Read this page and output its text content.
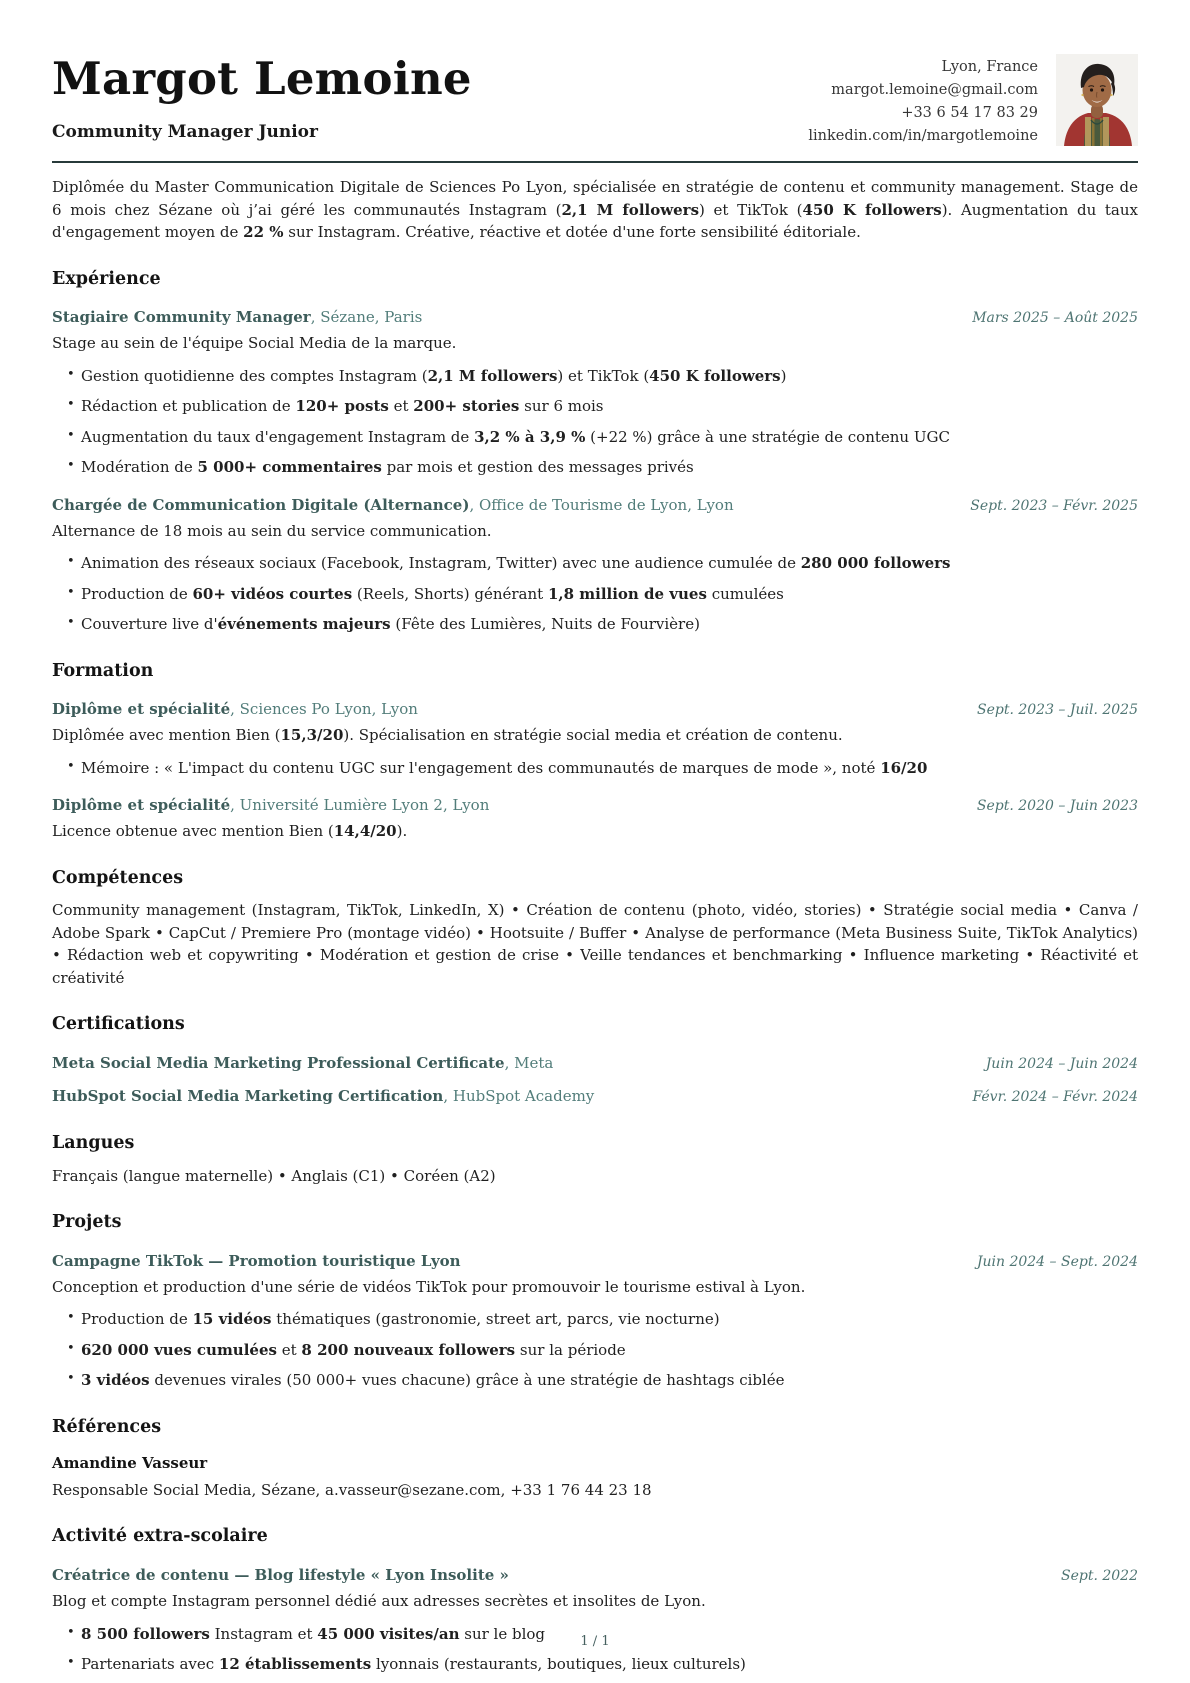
Margot Lemoine
Community Manager Junior
Lyon, France
margot.lemoine@gmail.com
+33 6 54 17 83 29
linkedin.com/in/margotlemoine

Diplômée du Master Communication Digitale de Sciences Po Lyon, spécialisée en stratégie de contenu et community management. Stage de 6 mois chez Sézane où j’ai géré les communautés Instagram (2,1 M followers) et TikTok (450 K followers). Augmentation du taux d'engagement moyen de 22 % sur Instagram. Créative, réactive et dotée d'une forte sensibilité éditoriale.

Expérience
Stagiaire Community Manager, Sézane, Paris	Mars 2025 – Août 2025

Stage au sein de l'équipe Social Media de la marque.

• Gestion quotidienne des comptes Instagram (2,1 M followers) et TikTok (450 K followers)
• Rédaction et publication de 120+ posts et 200+ stories sur 6 mois
• Augmentation du taux d'engagement Instagram de 3,2 % à 3,9 % (+22 %) grâce à une stratégie de contenu UGC
• Modération de 5 000+ commentaires par mois et gestion des messages privés
Chargée de Communication Digitale (Alternance), Office de Tourisme de Lyon, Lyon	Sept. 2023 – Févr. 2025

Alternance de 18 mois au sein du service communication.

• Animation des réseaux sociaux (Facebook, Instagram, Twitter) avec une audience cumulée de 280 000 followers
• Production de 60+ vidéos courtes (Reels, Shorts) générant 1,8 million de vues cumulées
• Couverture live d'événements majeurs (Fête des Lumières, Nuits de Fourvière)
Formation
Diplôme et spécialité, Sciences Po Lyon, Lyon	Sept. 2023 – Juil. 2025

Diplômée avec mention Bien (15,3/20). Spécialisation en stratégie social media et création de contenu.

• Mémoire : « L'impact du contenu UGC sur l'engagement des communautés de marques de mode », noté 16/20
Diplôme et spécialité, Université Lumière Lyon 2, Lyon	Sept. 2020 – Juin 2023

Licence obtenue avec mention Bien (14,4/20).

Compétences

Community management (Instagram, TikTok, LinkedIn, X) • Création de contenu (photo, vidéo, stories) • Stratégie social media • Canva / Adobe Spark • CapCut / Premiere Pro (montage vidéo) • Hootsuite / Buffer • Analyse de performance (Meta Business Suite, TikTok Analytics) • Rédaction web et copywriting • Modération et gestion de crise • Veille tendances et benchmarking • Influence marketing • Réactivité et créativité

Certifications
Meta Social Media Marketing Professional Certificate, Meta	Juin 2024 – Juin 2024
HubSpot Social Media Marketing Certification, HubSpot Academy	Févr. 2024 – Févr. 2024
Langues

Français (langue maternelle) • Anglais (C1) • Coréen (A2)

Projets
Campagne TikTok — Promotion touristique Lyon	Juin 2024 – Sept. 2024

Conception et production d'une série de vidéos TikTok pour promouvoir le tourisme estival à Lyon.

• Production de 15 vidéos thématiques (gastronomie, street art, parcs, vie nocturne)
• 620 000 vues cumulées et 8 200 nouveaux followers sur la période
• 3 vidéos devenues virales (50 000+ vues chacune) grâce à une stratégie de hashtags ciblée
Références
Amandine Vasseur
Responsable Social Media, Sézane, a.vasseur@sezane.com, +33 1 76 44 23 18
Activité extra-scolaire
Créatrice de contenu — Blog lifestyle « Lyon Insolite »	Sept. 2022

Blog et compte Instagram personnel dédié aux adresses secrètes et insolites de Lyon.

• 8 500 followers Instagram et 45 000 visites/an sur le blog
• Partenariats avec 12 établissements lyonnais (restaurants, boutiques, lieux culturels)
1 / 1
